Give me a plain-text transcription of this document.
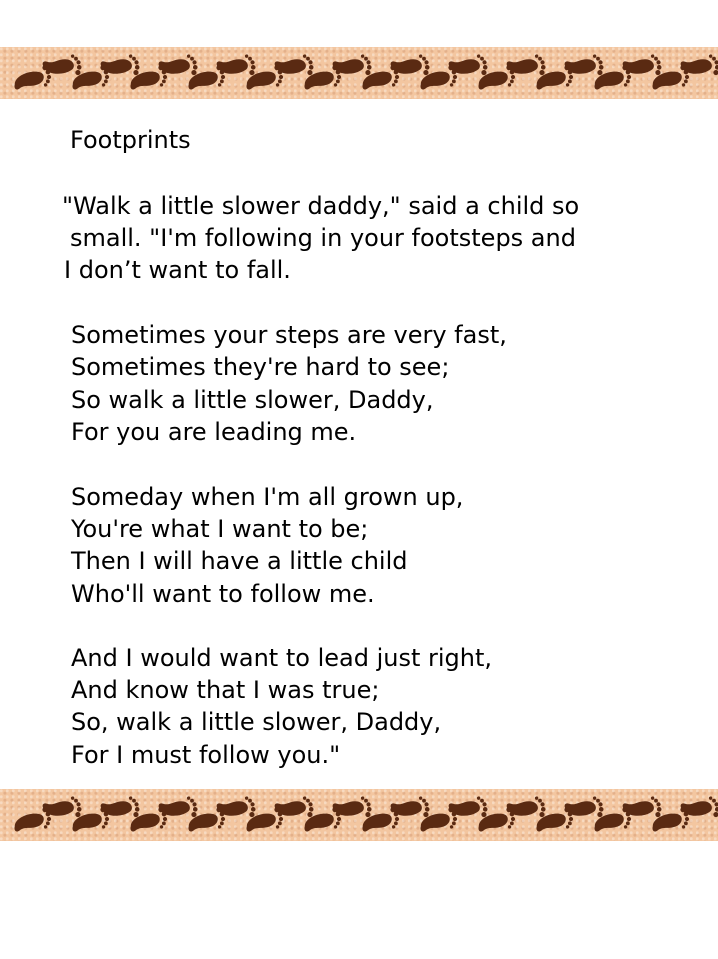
Footprints
"Walk a little slower daddy," said a child so
small. "I'm following in your footsteps and
I don’t want to fall.
Sometimes your steps are very fast,
Sometimes they're hard to see;
So walk a little slower, Daddy,
For you are leading me.
Someday when I'm all grown up,
You're what I want to be;
Then I will have a little child
Who'll want to follow me.
And I would want to lead just right,
And know that I was true;
So, walk a little slower, Daddy,
For I must follow you."
